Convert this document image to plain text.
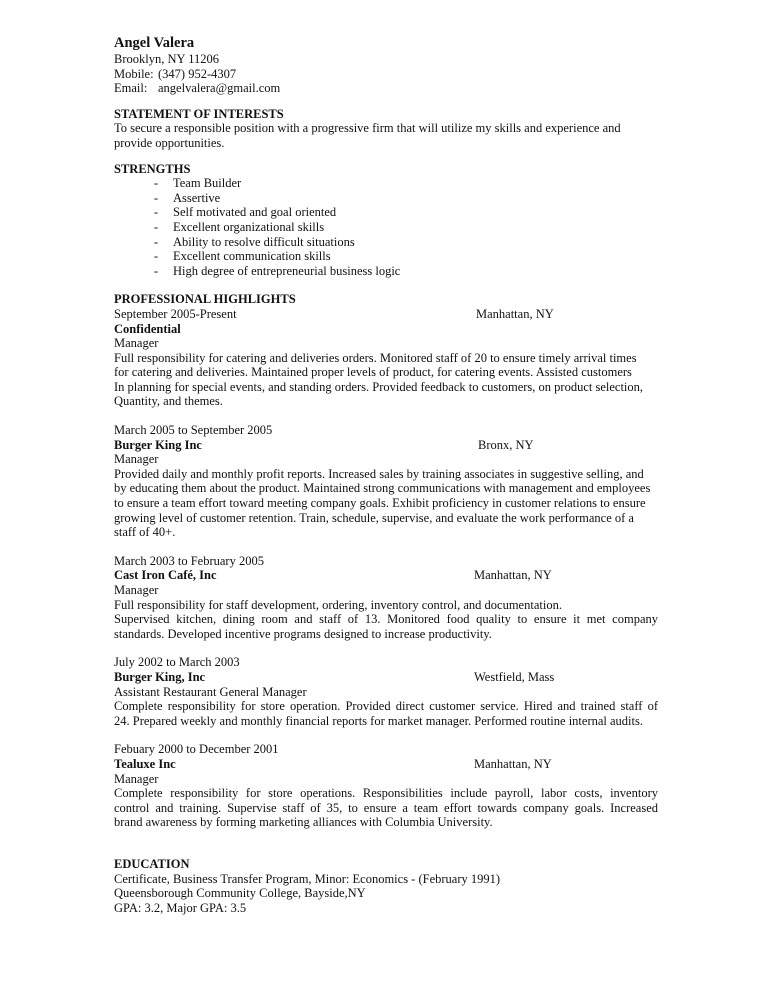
Angel Valera
Brooklyn, NY 11206
Mobile: (347) 952-4307
Email: angelvalera@gmail.com
STATEMENT OF INTERESTS
To secure a responsible position with a progressive firm that will utilize my skills and experience and
provide opportunities.
STRENGTHS
- Team Builder
- Assertive
- Self motivated and goal oriented
- Excellent organizational skills
- Ability to resolve difficult situations
- Excellent communication skills
- High degree of entrepreneurial business logic
PROFESSIONAL HIGHLIGHTS
September 2005-Present	Manhattan, NY
Confidential
Manager
Full responsibility for catering and deliveries orders. Monitored staff of 20 to ensure timely arrival times
for catering and deliveries. Maintained proper levels of product, for catering events. Assisted customers
In planning for special events, and standing orders. Provided feedback to customers, on product selection,
Quantity, and themes.
March 2005 to September 2005
Burger King Inc	Bronx, NY
Manager
Provided daily and monthly profit reports. Increased sales by training associates in suggestive selling, and
by educating them about the product. Maintained strong communications with management and employees
to ensure a team effort toward meeting company goals. Exhibit proficiency in customer relations to ensure
growing level of customer retention. Train, schedule, supervise, and evaluate the work performance of a
staff of 40+.
March 2003 to February 2005
Cast Iron Café, Inc	Manhattan, NY
Manager
Full responsibility for staff development, ordering, inventory control, and documentation.
Supervised kitchen, dining room and staff of 13. Monitored food quality to ensure it met company
standards. Developed incentive programs designed to increase productivity.
July 2002 to March 2003
Burger King, Inc	Westfield, Mass
Assistant Restaurant General Manager
Complete responsibility for store operation. Provided direct customer service. Hired and trained staff of
24. Prepared weekly and monthly financial reports for market manager. Performed routine internal audits.
Febuary 2000 to December 2001
Tealuxe Inc	Manhattan, NY
Manager
Complete responsibility for store operations. Responsibilities include payroll, labor costs, inventory
control and training. Supervise staff of 35, to ensure a team effort towards company goals. Increased
brand awareness by forming marketing alliances with Columbia University.
EDUCATION
Certificate, Business Transfer Program, Minor: Economics - (February 1991)
Queensborough Community College, Bayside,NY
GPA: 3.2, Major GPA: 3.5
